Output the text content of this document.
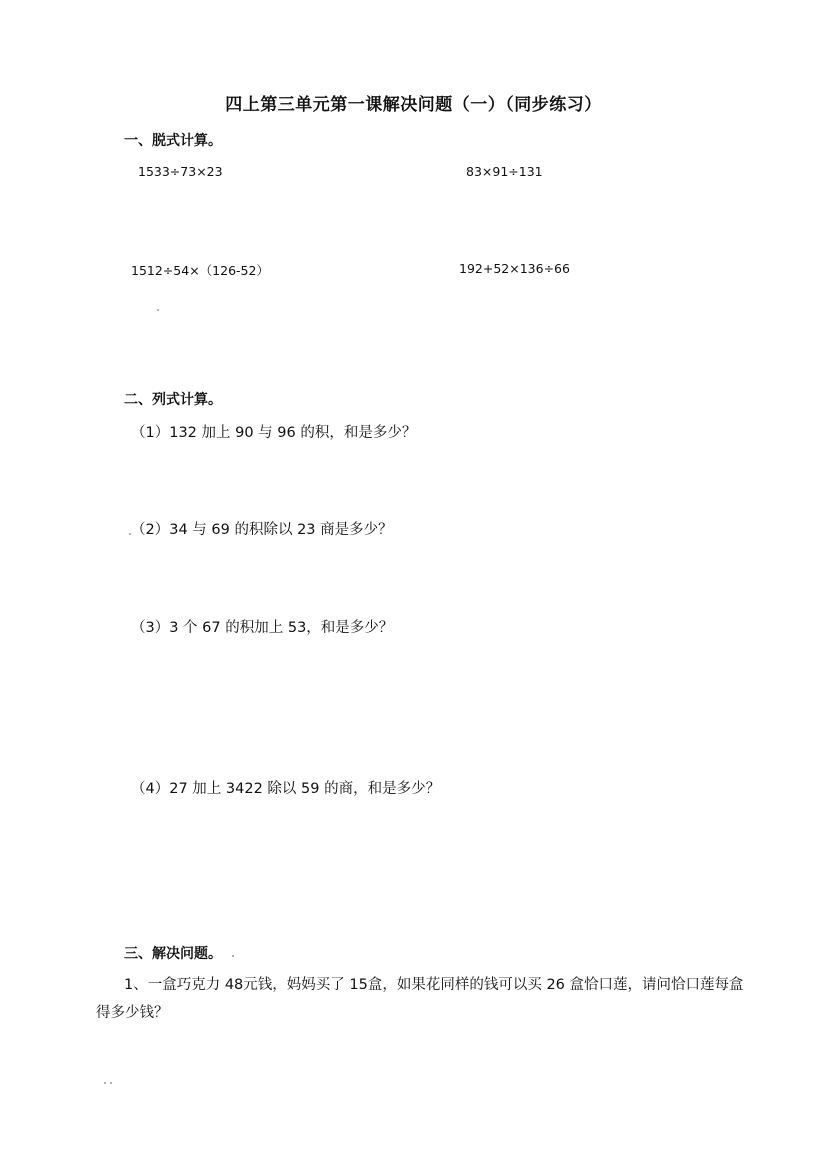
四上第三单元第一课解决问题（一）（同步练习）
一、脱式计算。
1533÷73×23	83×91÷131
1512÷54×（126-52）	192+52×136÷66
二、列式计算。
（1）132 加上 90 与 96 的积，和是多少？
（2）34 与 69 的积除以 23 商是多少？
（3）3 个 67 的积加上 53，和是多少？
（4）27 加上 3422 除以 59 的商，和是多少？
三、解决问题。
1、一盒巧克力 48元钱，妈妈买了 15盒，如果花同样的钱可以买 26 盒恰口莲，请问恰口莲每盒得多少钱？
